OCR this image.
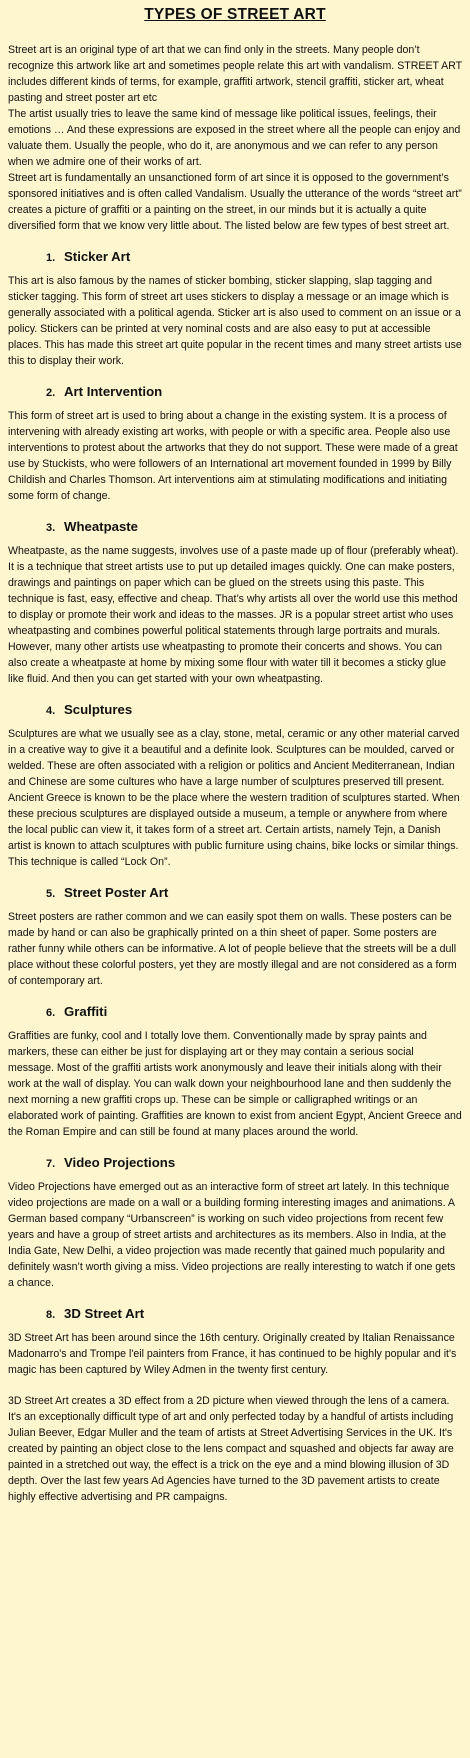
TYPES OF STREET ART

Street art is an original type of art that we can find only in the streets. Many people don’t recognize this artwork like art and sometimes people relate this art with vandalism. STREET ART includes different kinds of terms, for example, graffiti artwork, stencil graffiti, sticker art, wheat pasting and street poster art etc

The artist usually tries to leave the same kind of message like political issues, feelings, their emotions … And these expressions are exposed in the street where all the people can enjoy and valuate them. Usually the people, who do it, are anonymous and we can refer to any person when we admire one of their works of art.

Street art is fundamentally an unsanctioned form of art since it is opposed to the government’s sponsored initiatives and is often called Vandalism. Usually the utterance of the words “street art” creates a picture of graffiti or a painting on the street, in our minds but it is actually a quite diversified form that we know very little about. The listed below are few types of best street art.

1. Sticker Art

This art is also famous by the names of sticker bombing, sticker slapping, slap tagging and sticker tagging. This form of street art uses stickers to display a message or an image which is generally associated with a political agenda. Sticker art is also used to comment on an issue or a policy. Stickers can be printed at very nominal costs and are also easy to put at accessible places. This has made this street art quite popular in the recent times and many street artists use this to display their work.

2. Art Intervention

This form of street art is used to bring about a change in the existing system. It is a process of intervening with already existing art works, with people or with a specific area. People also use interventions to protest about the artworks that they do not support. These were made of a great use by Stuckists, who were followers of an International art movement founded in 1999 by Billy Childish and Charles Thomson. Art interventions aim at stimulating modifications and initiating some form of change.

3. Wheatpaste

Wheatpaste, as the name suggests, involves use of a paste made up of flour (preferably wheat). It is a technique that street artists use to put up detailed images quickly. One can make posters, drawings and paintings on paper which can be glued on the streets using this paste. This technique is fast, easy, effective and cheap. That’s why artists all over the world use this method to display or promote their work and ideas to the masses. JR is a popular street artist who uses wheatpasting and combines powerful political statements through large portraits and murals. However, many other artists use wheatpasting to promote their concerts and shows. You can also create a wheatpaste at home by mixing some flour with water till it becomes a sticky glue like fluid. And then you can get started with your own wheatpasting.

4. Sculptures

Sculptures are what we usually see as a clay, stone, metal, ceramic or any other material carved in a creative way to give it a beautiful and a definite look. Sculptures can be moulded, carved or welded. These are often associated with a religion or politics and Ancient Mediterranean, Indian and Chinese are some cultures who have a large number of sculptures preserved till present. Ancient Greece is known to be the place where the western tradition of sculptures started. When these precious sculptures are displayed outside a museum, a temple or anywhere from where the local public can view it, it takes form of a street art. Certain artists, namely Tejn, a Danish artist is known to attach sculptures with public furniture using chains, bike locks or similar things. This technique is called “Lock On”.

5. Street Poster Art

Street posters are rather common and we can easily spot them on walls. These posters can be made by hand or can also be graphically printed on a thin sheet of paper. Some posters are rather funny while others can be informative. A lot of people believe that the streets will be a dull place without these colorful posters, yet they are mostly illegal and are not considered as a form of contemporary art.

6. Graffiti

Graffities are funky, cool and I totally love them. Conventionally made by spray paints and markers, these can either be just for displaying art or they may contain a serious social message. Most of the graffiti artists work anonymously and leave their initials along with their work at the wall of display. You can walk down your neighbourhood lane and then suddenly the next morning a new graffiti crops up. These can be simple or calligraphed writings or an elaborated work of painting. Graffities are known to exist from ancient Egypt, Ancient Greece and the Roman Empire and can still be found at many places around the world.

7. Video Projections

Video Projections have emerged out as an interactive form of street art lately. In this technique video projections are made on a wall or a building forming interesting images and animations. A German based company “Urbanscreen” is working on such video projections from recent few years and have a group of street artists and architectures as its members. Also in India, at the India Gate, New Delhi, a video projection was made recently that gained much popularity and definitely wasn’t worth giving a miss. Video projections are really interesting to watch if one gets a chance.

8. 3D Street Art

3D Street Art has been around since the 16th century. Originally created by Italian Renaissance Madonarro's and Trompe l'eil painters from France, it has continued to be highly popular and it's magic has been captured by Wiley Admen in the twenty first century.

3D Street Art creates a 3D effect from a 2D picture when viewed through the lens of a camera. It's an exceptionally difficult type of art and only perfected today by a handful of artists including Julian Beever, Edgar Muller and the team of artists at Street Advertising Services in the UK. It's created by painting an object close to the lens compact and squashed and objects far away are painted in a stretched out way, the effect is a trick on the eye and a mind blowing illusion of 3D depth. Over the last few years Ad Agencies have turned to the 3D pavement artists to create highly effective advertising and PR campaigns.
